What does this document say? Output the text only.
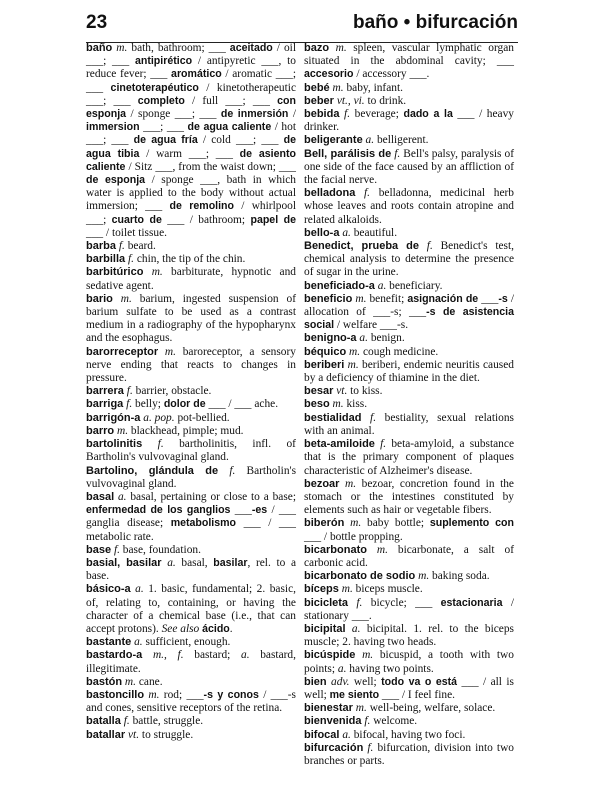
23	baño • bifurcación

baño m. bath, bathroom; ___ aceitado / oil ___; ___ antipirético / antipyretic ___, to reduce fever; ___ aromático / aromatic ___; ___ cinetoterapéutico / kinetotherapeutic ___; ___ completo / full ___; ___ con esponja / sponge ___; ___ de inmersión / immersion ___; ___ de agua caliente / hot ___; ___ de agua fría / cold ___; ___ de agua tibia / warm ___; ___ de asiento caliente / Sitz ___, from the waist down; ___ de esponja / sponge ___, bath in which water is applied to the body without actual immersion; ___ de remolino / whirlpool ___; cuarto de ___ / bathroom; papel de ___ / toilet tissue.

barba f. beard.

barbilla f. chin, the tip of the chin.

barbitúrico m. barbiturate, hypnotic and sedative agent.

bario m. barium, ingested suspension of barium sulfate to be used as a contrast medium in a radiography of the hypopharynx and the esophagus.

barorreceptor m. baroreceptor, a sensory nerve ending that reacts to changes in pressure.

barrera f. barrier, obstacle.

barriga f. belly; dolor de ___ / ___ ache.

barrigón-a a. pop. pot-bellied.

barro m. blackhead, pimple; mud.

bartolinitis f. bartholinitis, infl. of Bartholin's vulvovaginal gland.

Bartolino, glándula de f. Bartholin's vulvovaginal gland.

basal a. basal, pertaining or close to a base; enfermedad de los ganglios ___-es / ___ ganglia disease; metabolismo ___ / ___ metabolic rate.

base f. base, foundation.

basial, basilar a. basal, basilar, rel. to a base.

básico-a a. 1. basic, fundamental; 2. basic, of, relating to, containing, or having the character of a chemical base (i.e., that can accept protons). See also ácido.

bastante a. sufficient, enough.

bastardo-a m., f. bastard; a. bastard, illegitimate.

bastón m. cane.

bastoncillo m. rod; ___-s y conos / ___-s and cones, sensitive receptors of the retina.

batalla f. battle, struggle.

batallar vt. to struggle.

bazo m. spleen, vascular lymphatic organ situated in the abdominal cavity; ___ accesorio / accessory ___.

bebé m. baby, infant.

beber vt., vi. to drink.

bebida f. beverage; dado a la ___ / heavy drinker.

beligerante a. belligerent.

Bell, parálisis de f. Bell's palsy, paralysis of one side of the face caused by an affliction of the facial nerve.

belladona f. belladonna, medicinal herb whose leaves and roots contain atropine and related alkaloids.

bello-a a. beautiful.

Benedict, prueba de f. Benedict's test, chemical analysis to determine the presence of sugar in the urine.

beneficiado-a a. beneficiary.

beneficio m. benefit; asignación de ___-s / allocation of ___-s; ___-s de asistencia social / welfare ___-s.

benigno-a a. benign.

béquico m. cough medicine.

beriberi m. beriberi, endemic neuritis caused by a deficiency of thiamine in the diet.

besar vt. to kiss.

beso m. kiss.

bestialidad f. bestiality, sexual relations with an animal.

beta-amiloide f. beta-amyloid, a substance that is the primary component of plaques characteristic of Alzheimer's disease.

bezoar m. bezoar, concretion found in the stomach or the intestines constituted by elements such as hair or vegetable fibers.

biberón m. baby bottle; suplemento con ___ / bottle propping.

bicarbonato m. bicarbonate, a salt of carbonic acid.

bicarbonato de sodio m. baking soda.

bíceps m. biceps muscle.

bicicleta f. bicycle; ___ estacionaria / stationary ___.

bicipital a. bicipital. 1. rel. to the biceps muscle; 2. having two heads.

bicúspide m. bicuspid, a tooth with two points; a. having two points.

bien adv. well; todo va o está ___ / all is well; me siento ___ / I feel fine.

bienestar m. well-being, welfare, solace.

bienvenida f. welcome.

bifocal a. bifocal, having two foci.

bifurcación f. bifurcation, division into two branches or parts.
